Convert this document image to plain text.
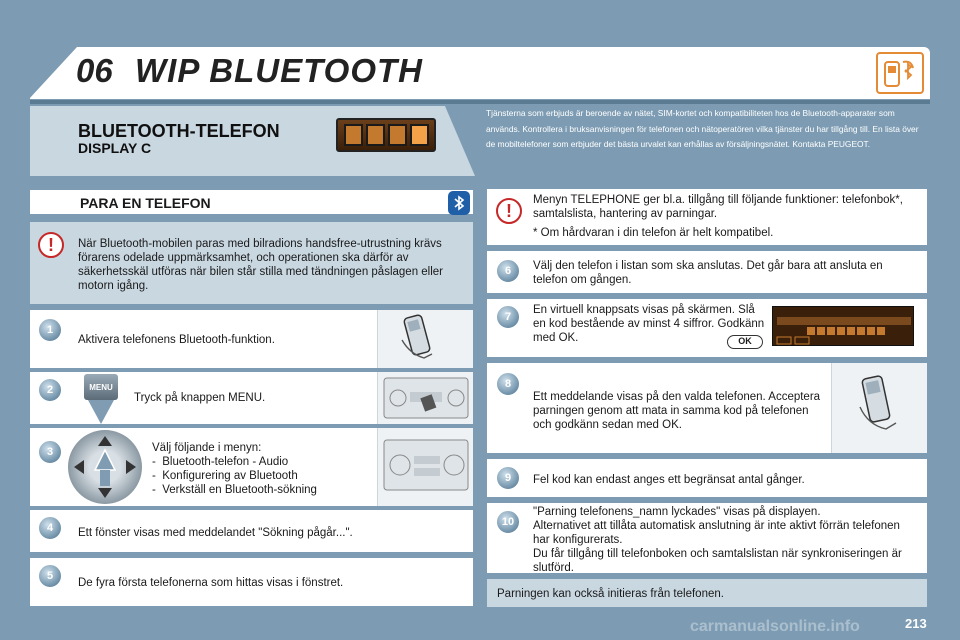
06 WIP BLUETOOTH
BLUETOOTH-TELEFON
DISPLAY C
Tjänsterna som erbjuds är beroende av nätet, SIM-kortet och kompatibiliteten hos de Bluetooth-apparater som används. Kontrollera i bruksanvisningen för telefonen och nätoperatören vilka tjänster du har tillgång till. En lista över de mobiltelefoner som erbjuder det bästa urvalet kan erhållas av försäljningsnätet. Kontakta PEUGEOT.
PARA EN TELEFON
!	När Bluetooth-mobilen paras med bilradions handsfree-utrustning krävs förarens odelade uppmärksamhet, och operationen ska därför av säkerhetsskäl utföras när bilen står stilla med tändningen påslagen eller motorn igång.
1
Aktivera telefonens Bluetooth-funktion.
2	MENU
Tryck på knappen MENU.
3	Välj följande i menyn:
-  Bluetooth-telefon - Audio
-  Konfigurering av Bluetooth
-  Verkställ en Bluetooth-sökning
4	Ett fönster visas med meddelandet "Sökning pågår...".
5
De fyra första telefonerna som hittas visas i fönstret.
!
Menyn TELEPHONE ger bl.a. tillgång till följande funktioner: telefonbok*, samtalslista, hantering av parningar.
* Om hårdvaran i din telefon är helt kompatibel.
6	Välj den telefon i listan som ska anslutas. Det går bara att ansluta en telefon om gången.
7
En virtuell knappsats visas på skärmen. Slå en kod bestående av minst 4 siffror. Godkänn med OK.	OK
8
Ett meddelande visas på den valda telefonen. Acceptera parningen genom att mata in samma kod på telefonen och godkänn sedan med OK.
9	Fel kod kan endast anges ett begränsat antal gånger.
10
"Parning telefonens_namn lyckades" visas på displayen.
Alternativet att tillåta automatisk anslutning är inte aktivt förrän telefonen har konfigurerats.
Du får tillgång till telefonboken och samtalslistan när synkroniseringen är slutförd.
Parningen kan också initieras från telefonen.
carmanualsonline.info	213
